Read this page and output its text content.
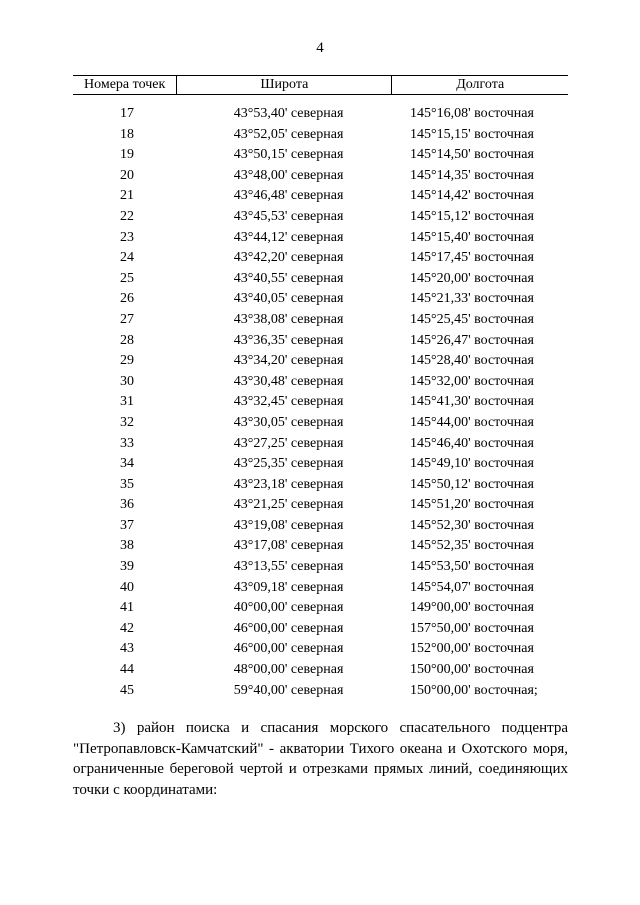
4
Номера точек	Широта	Долгота
17	43°53,40' северная	145°16,08' восточная
18	43°52,05' северная	145°15,15' восточная
19	43°50,15' северная	145°14,50' восточная
20	43°48,00' северная	145°14,35' восточная
21	43°46,48' северная	145°14,42' восточная
22	43°45,53' северная	145°15,12' восточная
23	43°44,12' северная	145°15,40' восточная
24	43°42,20' северная	145°17,45' восточная
25	43°40,55' северная	145°20,00' восточная
26	43°40,05' северная	145°21,33' восточная
27	43°38,08' северная	145°25,45' восточная
28	43°36,35' северная	145°26,47' восточная
29	43°34,20' северная	145°28,40' восточная
30	43°30,48' северная	145°32,00' восточная
31	43°32,45' северная	145°41,30' восточная
32	43°30,05' северная	145°44,00' восточная
33	43°27,25' северная	145°46,40' восточная
34	43°25,35' северная	145°49,10' восточная
35	43°23,18' северная	145°50,12' восточная
36	43°21,25' северная	145°51,20' восточная
37	43°19,08' северная	145°52,30' восточная
38	43°17,08' северная	145°52,35' восточная
39	43°13,55' северная	145°53,50' восточная
40	43°09,18' северная	145°54,07' восточная
41	40°00,00' северная	149°00,00' восточная
42	46°00,00' северная	157°50,00' восточная
43	46°00,00' северная	152°00,00' восточная
44	48°00,00' северная	150°00,00' восточная
45	59°40,00' северная	150°00,00' восточная;

3) район поиска и спасания морского спасательного подцентра "Петропавловск-Камчатский" - акватории Тихого океана и Охотского моря, ограниченные береговой чертой и отрезками прямых линий, соединяющих точки с координатами:
